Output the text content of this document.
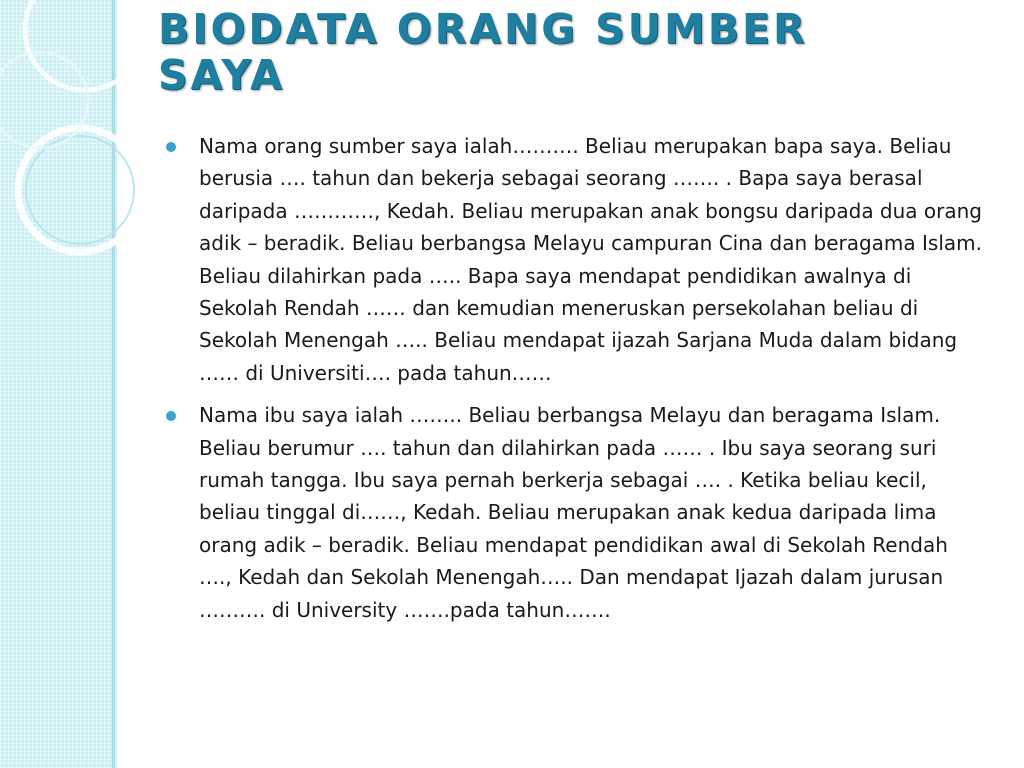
BIODATA ORANG SUMBER SAYA
Nama orang sumber saya ialah………. Beliau merupakan bapa saya. Beliau berusia …. tahun dan bekerja sebagai seorang ……. . Bapa saya berasal daripada …………, Kedah. Beliau merupakan anak bongsu daripada dua orang adik – beradik. Beliau berbangsa Melayu campuran Cina dan beragama Islam. Beliau dilahirkan pada ….. Bapa saya mendapat pendidikan awalnya di Sekolah Rendah …… dan kemudian meneruskan persekolahan beliau di Sekolah Menengah ….. Beliau mendapat ijazah Sarjana Muda dalam bidang …… di Universiti…. pada tahun……
Nama ibu saya ialah …….. Beliau berbangsa Melayu dan beragama Islam. Beliau berumur …. tahun dan dilahirkan pada …… . Ibu saya seorang suri rumah tangga. Ibu saya pernah berkerja sebagai …. . Ketika beliau kecil, beliau tinggal di……, Kedah. Beliau merupakan anak kedua daripada lima orang adik – beradik. Beliau mendapat pendidikan awal di Sekolah Rendah …., Kedah dan Sekolah Menengah….. Dan mendapat Ijazah dalam jurusan ………. di University …….pada tahun…….
